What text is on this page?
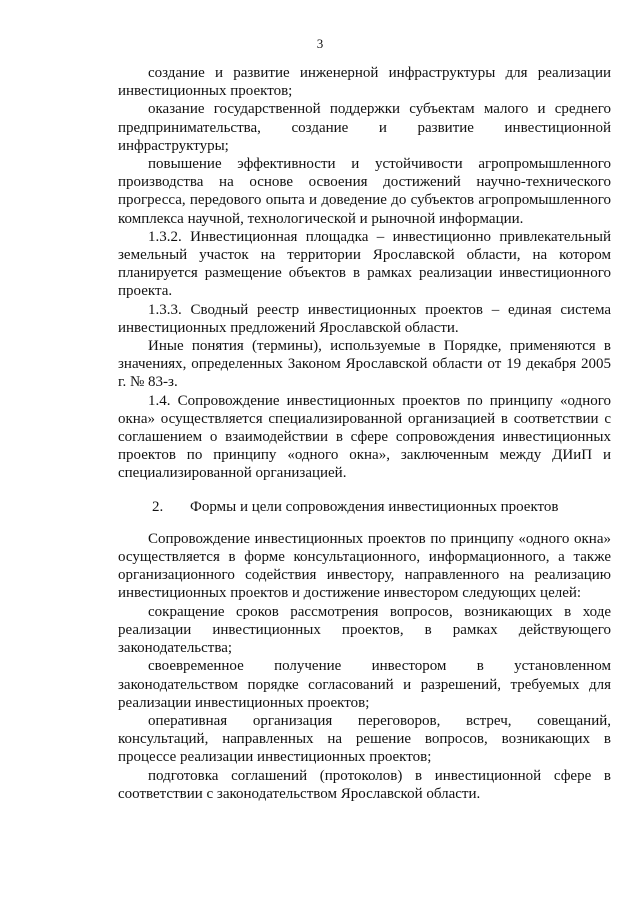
3

создание и развитие инженерной инфраструктуры для реализации инвестиционных проектов;

оказание государственной поддержки субъектам малого и среднего предпринимательства, создание и развитие инвестиционной инфраструктуры;

повышение эффективности и устойчивости агропромышленного производства на основе освоения достижений научно-технического прогресса, передового опыта и доведение до субъектов агропромышленного комплекса научной, технологической и рыночной информации.

1.3.2. Инвестиционная площадка – инвестиционно привлекательный земельный участок на территории Ярославской области, на котором планируется размещение объектов в рамках реализации инвестиционного проекта.

1.3.3. Сводный реестр инвестиционных проектов – единая система инвестиционных предложений Ярославской области.

Иные понятия (термины), используемые в Порядке, применяются в значениях, определенных Законом Ярославской области от 19 декабря 2005 г. № 83-з.

1.4. Сопровождение инвестиционных проектов по принципу «одного окна» осуществляется специализированной организацией в соответствии с соглашением о взаимодействии в сфере сопровождения инвестиционных проектов по принципу «одного окна», заключенным между ДИиП и специализированной организацией.

2. Формы и цели сопровождения инвестиционных проектов

Сопровождение инвестиционных проектов по принципу «одного окна» осуществляется в форме консультационного, информационного, а также организационного содействия инвестору, направленного на реализацию инвестиционных проектов и достижение инвестором следующих целей:

сокращение сроков рассмотрения вопросов, возникающих в ходе реализации инвестиционных проектов, в рамках действующего законодательства;

своевременное получение инвестором в установленном законодательством порядке согласований и разрешений, требуемых для реализации инвестиционных проектов;

оперативная организация переговоров, встреч, совещаний, консультаций, направленных на решение вопросов, возникающих в процессе реализации инвестиционных проектов;

подготовка соглашений (протоколов) в инвестиционной сфере в соответствии с законодательством Ярославской области.
